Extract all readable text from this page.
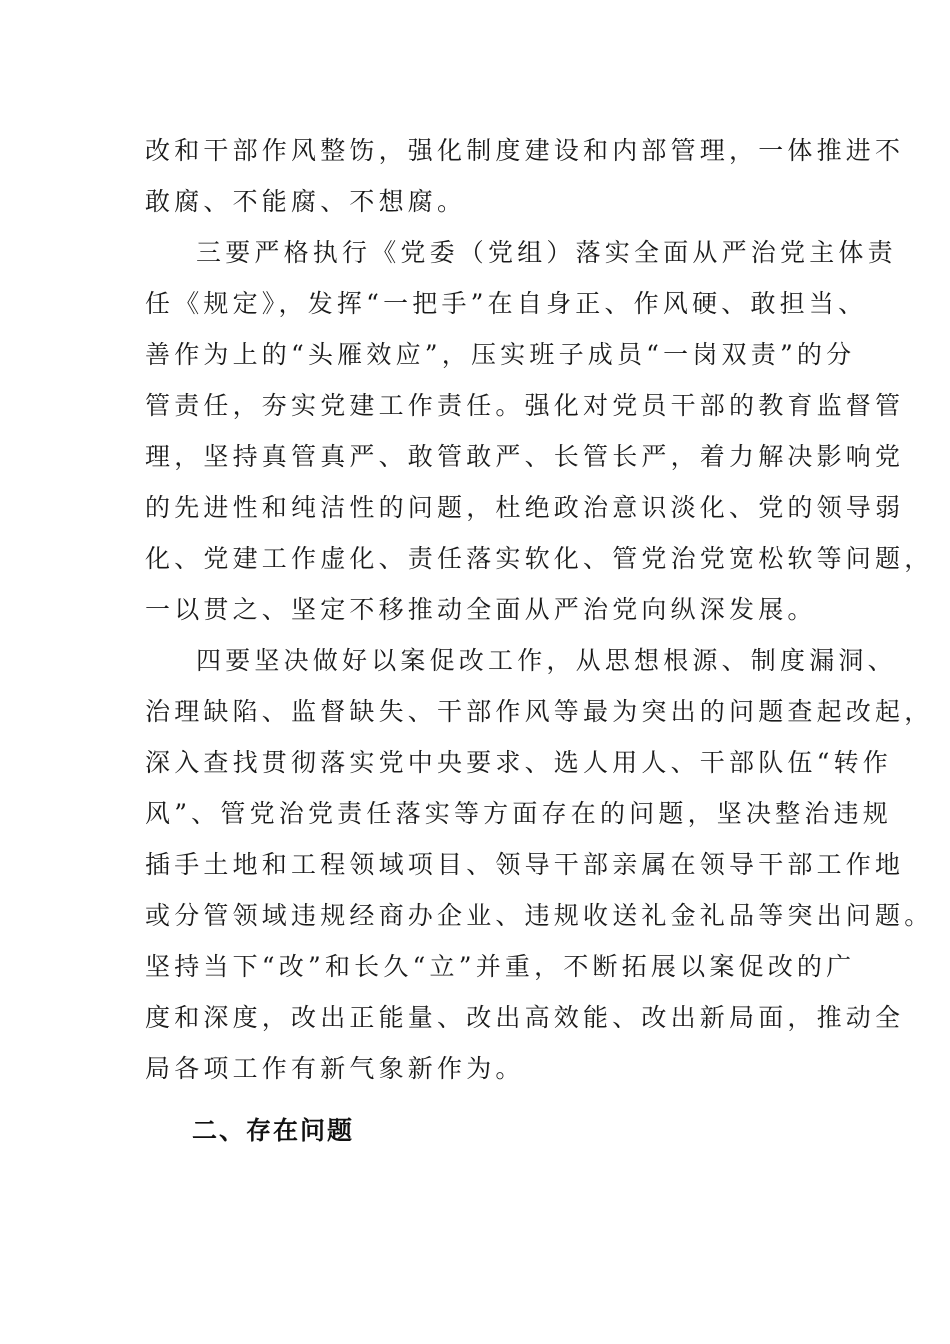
改和干部作风整饬，强化制度建设和内部管理，一体推进不
敢腐、不能腐、不想腐。
三要严格执行《党委（党组）落实全面从严治党主体责
任《规定》，发挥“一把手”在自身正、作风硬、敢担当、
善作为上的“头雁效应”，压实班子成员“一岗双责”的分
管责任，夯实党建工作责任。强化对党员干部的教育监督管
理，坚持真管真严、敢管敢严、长管长严，着力解决影响党
的先进性和纯洁性的问题，杜绝政治意识淡化、党的领导弱
化、党建工作虚化、责任落实软化、管党治党宽松软等问题，
一以贯之、坚定不移推动全面从严治党向纵深发展。
四要坚决做好以案促改工作，从思想根源、制度漏洞、
治理缺陷、监督缺失、干部作风等最为突出的问题查起改起，
深入查找贯彻落实党中央要求、选人用人、干部队伍“转作
风”、管党治党责任落实等方面存在的问题，坚决整治违规
插手土地和工程领域项目、领导干部亲属在领导干部工作地
或分管领域违规经商办企业、违规收送礼金礼品等突出问题。
坚持当下“改”和长久“立”并重，不断拓展以案促改的广
度和深度，改出正能量、改出高效能、改出新局面，推动全
局各项工作有新气象新作为。
二、存在问题
